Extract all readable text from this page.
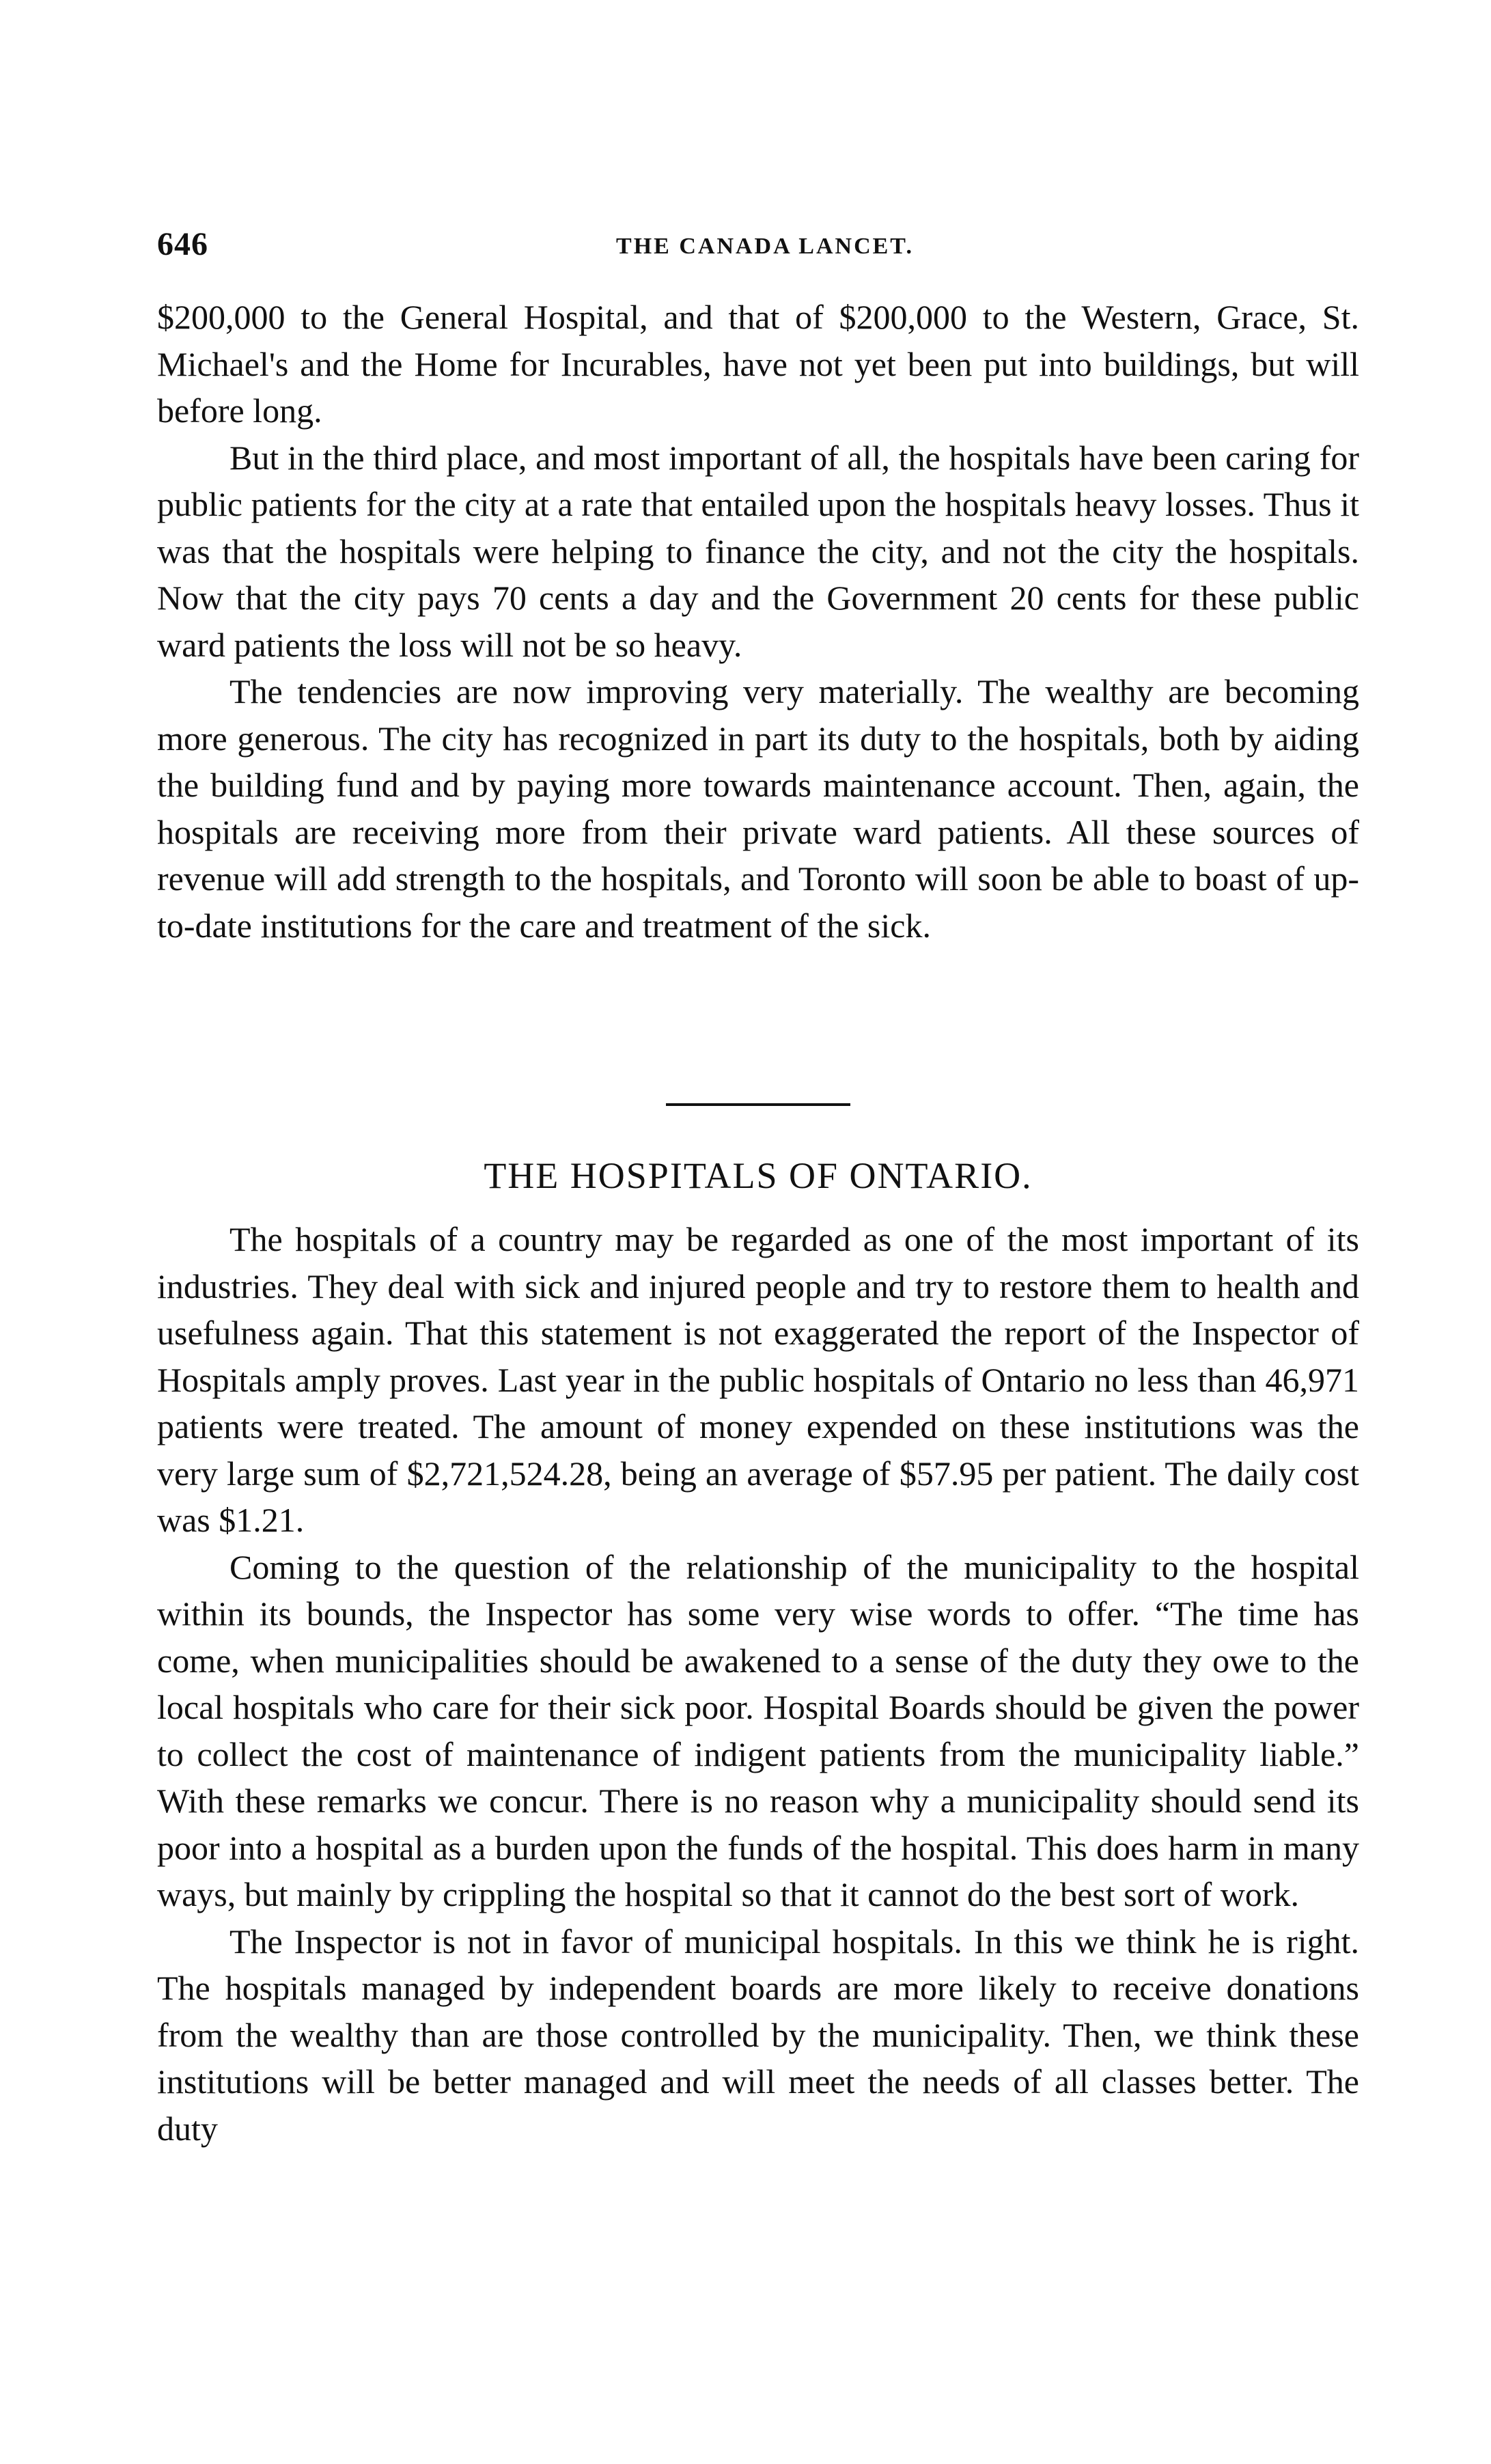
646	THE CANADA LANCET.

$200,000 to the General Hospital, and that of $200,000 to the Western, Grace, St. Michael's and the Home for Incurables, have not yet been put into buildings, but will before long.

But in the third place, and most important of all, the hospitals have been caring for public patients for the city at a rate that entailed upon the hospitals heavy losses. Thus it was that the hospitals were helping to finance the city, and not the city the hospitals. Now that the city pays 70 cents a day and the Government 20 cents for these public ward patients the loss will not be so heavy.

The tendencies are now improving very materially. The wealthy are becoming more generous. The city has recognized in part its duty to the hospitals, both by aiding the building fund and by paying more towards maintenance account. Then, again, the hospitals are receiving more from their private ward patients. All these sources of revenue will add strength to the hospitals, and Toronto will soon be able to boast of up-to-date institutions for the care and treatment of the sick.

THE HOSPITALS OF ONTARIO.

The hospitals of a country may be regarded as one of the most important of its industries. They deal with sick and injured people and try to restore them to health and usefulness again. That this statement is not exaggerated the report of the Inspector of Hospitals amply proves. Last year in the public hospitals of Ontario no less than 46,971 patients were treated. The amount of money expended on these institutions was the very large sum of $2,721,524.28, being an average of $57.95 per patient. The daily cost was $1.21.

Coming to the question of the relationship of the municipality to the hospital within its bounds, the Inspector has some very wise words to offer. “The time has come, when municipalities should be awakened to a sense of the duty they owe to the local hospitals who care for their sick poor. Hospital Boards should be given the power to collect the cost of maintenance of indigent patients from the municipality liable.” With these remarks we concur. There is no reason why a municipality should send its poor into a hospital as a burden upon the funds of the hospital. This does harm in many ways, but mainly by crippling the hospital so that it cannot do the best sort of work.

The Inspector is not in favor of municipal hospitals. In this we think he is right. The hospitals managed by independent boards are more likely to receive donations from the wealthy than are those controlled by the municipality. Then, we think these institutions will be better managed and will meet the needs of all classes better. The duty
